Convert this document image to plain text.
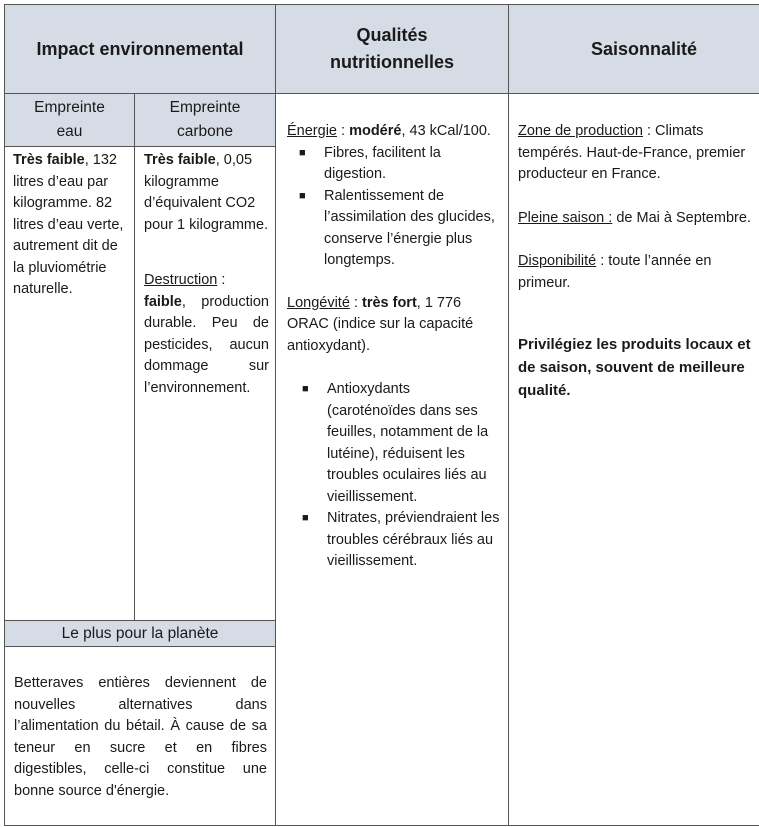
Impact environnemental
Qualités
nutritionnelles
Saisonnalité
Empreinte
eau
Empreinte
carbone
Très faible, 132 litres d’eau par kilogramme. 82 litres d’eau verte, autrement dit de la pluviométrie naturelle.
Très faible, 0,05 kilogramme d’équivalent CO2 pour 1 kilogramme.
Destruction :
faible, production durable. Peu de pesticides, aucun dommage sur l’environnement.
Le plus pour la planète
Betteraves entières deviennent de nouvelles alternatives dans l’alimentation du bétail. À cause de sa teneur en sucre et en fibres digestibles, celle-ci constitue une bonne source d'énergie.
Énergie : modéré, 43 kCal/100.
■ Fibres, facilitent la digestion.
■ Ralentissement de l’assimilation des glucides, conserve l’énergie plus longtemps.
Longévité : très fort, 1 776 ORAC (indice sur la capacité antioxydant).
■ Antioxydants (caroténoïdes dans ses feuilles, notamment de la lutéine), réduisent les troubles oculaires liés au vieillissement.
■ Nitrates, préviendraient les troubles cérébraux liés au vieillissement.
Zone de production : Climats tempérés. Haut-de-France, premier producteur en France.
Pleine saison : de Mai à Septembre.
Disponibilité : toute l’année en primeur.
Privilégiez les produits locaux et de saison, souvent de meilleure qualité.
